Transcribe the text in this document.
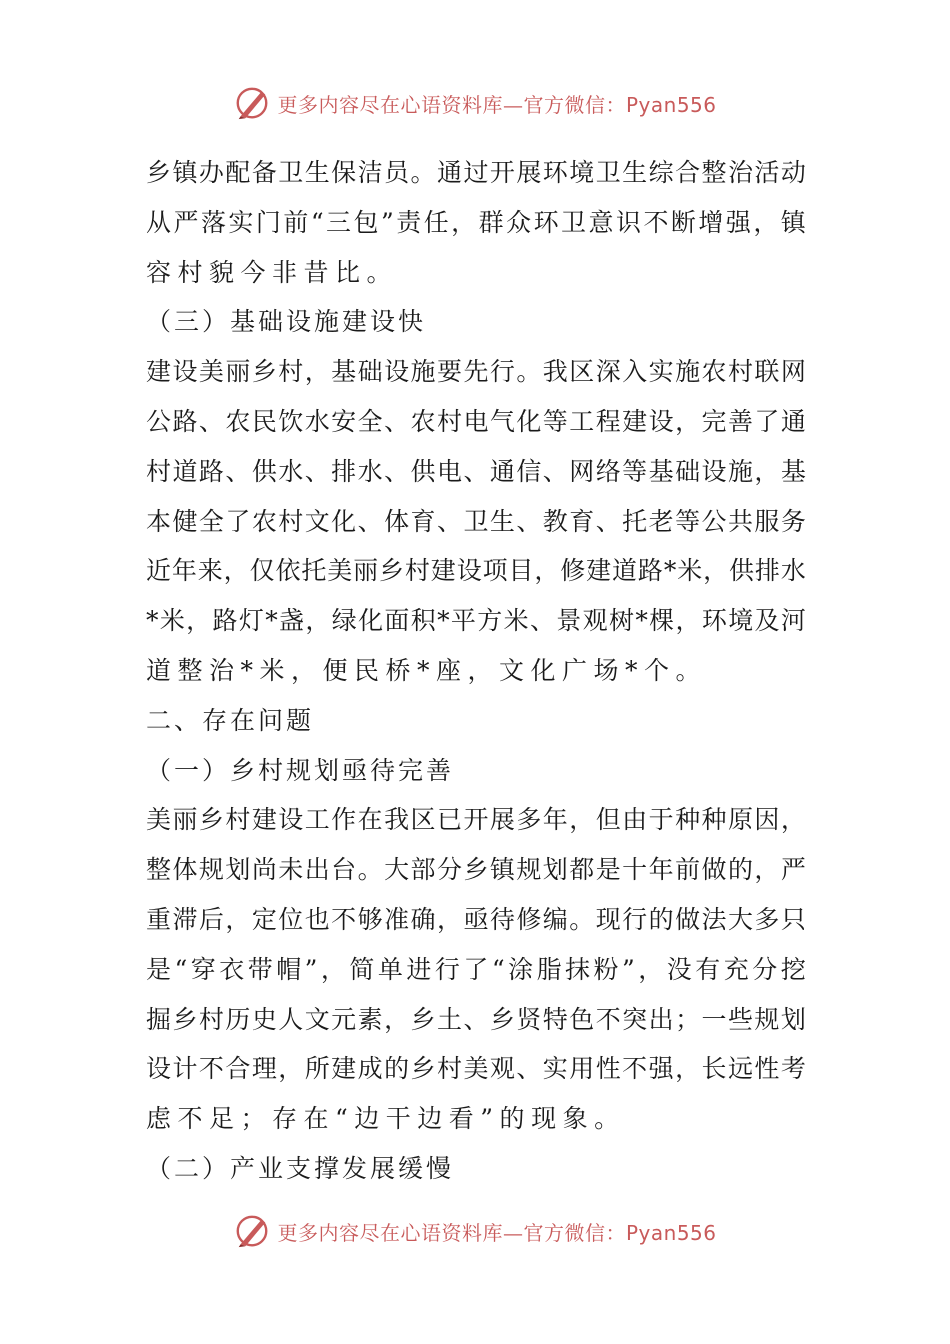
更多内容尽在心语资料库—官方微信：Pyan556
乡 镇 办 配 备 卫 生 保 洁 员 。 通 过 开 展 环 境 卫 生 综 合 整 治 活 动
从 严 落 实 门 前 “ 三 包 ” 责 任 ， 群 众 环 卫 意 识 不 断 增 强 ， 镇
容村貌今非昔比。
（三）基础设施建设快
建 设 美 丽 乡 村 ， 基 础 设 施 要 先 行 。 我 区 深 入 实 施 农 村 联 网
公 路 、 农 民 饮 水 安 全 、 农 村 电 气 化 等 工 程 建 设 ， 完 善 了 通
村 道 路 、 供 水 、 排 水 、 供 电 、 通 信 、 网 络 等 基 础 设 施 ， 基
本 健 全 了 农 村 文 化 、 体 育 、 卫 生 、 教 育 、 托 老 等 公 共 服 务
近 年 来 ， 仅 依 托 美 丽 乡 村 建 设 项 目 ， 修 建 道 路 * 米 ， 供 排 水
* 米 ， 路 灯 * 盏 ， 绿 化 面 积 * 平 方 米 、 景 观 树 * 棵 ， 环 境 及 河
道整治*米，便民桥*座，文化广场*个。
二、存在问题
（一）乡村规划亟待完善
美 丽 乡 村 建 设 工 作 在 我 区 已 开 展 多 年 ， 但 由 于 种 种 原 因 ，
整 体 规 划 尚 未 出 台 。 大 部 分 乡 镇 规 划 都 是 十 年 前 做 的 ， 严
重 滞 后 ， 定 位 也 不 够 准 确 ， 亟 待 修 编 。 现 行 的 做 法 大 多 只
是 “ 穿 衣 带 帽 ” ， 简 单 进 行 了 “ 涂 脂 抹 粉 ” ， 没 有 充 分 挖
掘 乡 村 历 史 人 文 元 素 ， 乡 土 、 乡 贤 特 色 不 突 出 ； 一 些 规 划
设 计 不 合 理 ， 所 建 成 的 乡 村 美 观 、 实 用 性 不 强 ， 长 远 性 考
虑不足；存在“边干边看”的现象。
（二）产业支撑发展缓慢
更多内容尽在心语资料库—官方微信：Pyan556
